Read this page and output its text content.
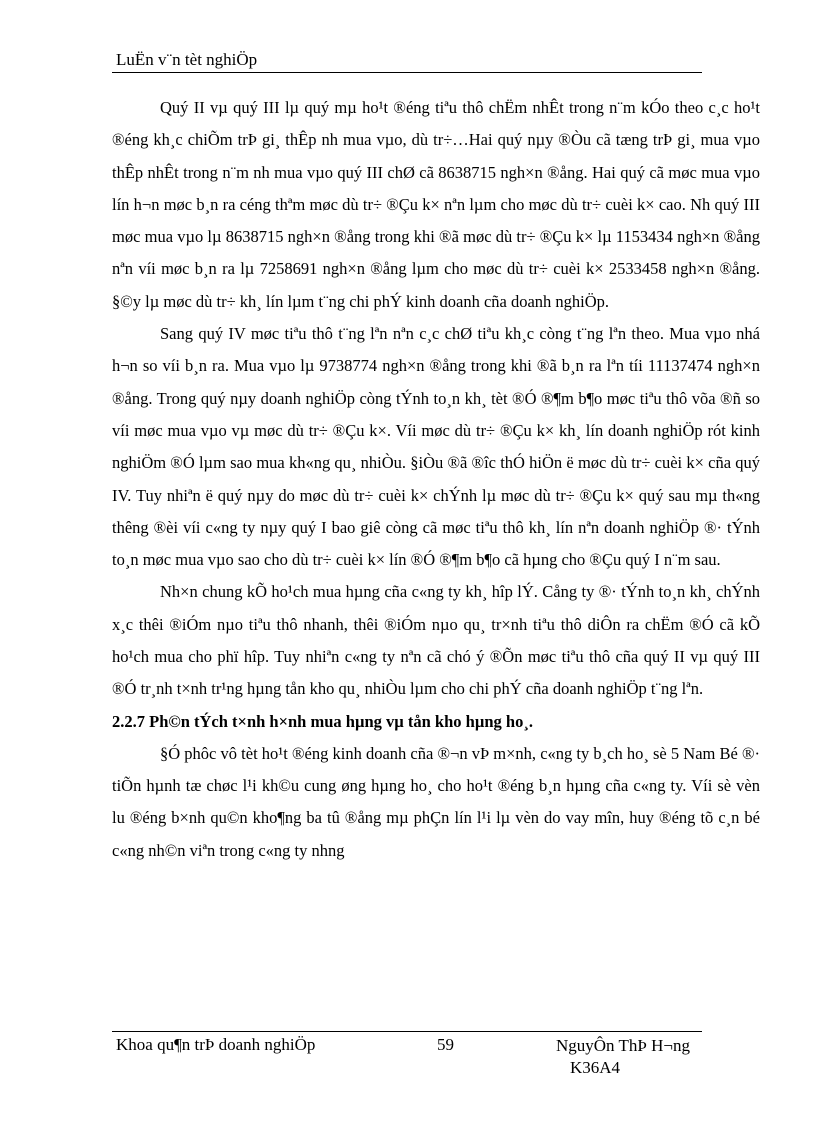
LuËn v¨n tèt nghiÖp

Quý II vµ quý III lµ quý mµ ho¹t ®éng tiªu thô chËm nhÊt trong n¨m kÓo theo c¸c ho¹t ®éng kh¸c chiÕm trÞ gi¸ thÊp nh mua vµo, dù tr÷…Hai quý nµy ®Òu cã tæng trÞ gi¸ mua vµo thÊp nhÊt trong n¨m nh mua vµo quý III chØ cã 8638715 ngh×n ®ång. Hai quý cã møc mua vµo lín h¬n møc b¸n ra céng thªm møc dù tr÷ ®Çu k× nªn lµm cho møc dù tr÷ cuèi k× cao. Nh quý III møc mua vµo lµ 8638715 ngh×n ®ång trong khi ®ã møc dù tr÷ ®Çu k× lµ 1153434 ngh×n ®ång nªn víi møc b¸n ra lµ 7258691 ngh×n ®ång lµm cho møc dù tr÷ cuèi k× 2533458 ngh×n ®ång. §©y lµ møc dù tr÷ kh¸ lín lµm t¨ng chi phÝ kinh doanh cña doanh nghiÖp.

Sang quý IV møc tiªu thô t¨ng lªn nªn c¸c chØ tiªu kh¸c còng t¨ng lªn theo. Mua vµo nhá h¬n so víi b¸n ra. Mua vµo lµ 9738774 ngh×n ®ång trong khi ®ã b¸n ra lªn tíi 11137474 ngh×n ®ång. Trong quý nµy doanh nghiÖp còng tÝnh to¸n kh¸ tèt ®Ó ®¶m b¶o møc tiªu thô võa ®ñ so víi møc mua vµo vµ møc dù tr÷ ®Çu k×. Víi møc dù tr÷ ®Çu k× kh¸ lín doanh nghiÖp rót kinh nghiÖm ®Ó lµm sao mua kh«ng qu¸ nhiÒu. §iÒu ®ã ®îc thÓ hiÖn ë møc dù tr÷ cuèi k× cña quý IV. Tuy nhiªn ë quý nµy do møc dù tr÷ cuèi k× chÝnh lµ møc dù tr÷ ®Çu k× quý sau mµ th«ng thêng ®èi víi c«ng ty nµy quý I bao giê còng cã møc tiªu thô kh¸ lín nªn doanh nghiÖp ®· tÝnh to¸n møc mua vµo sao cho dù tr÷ cuèi k× lín ®Ó ®¶m b¶o cã hµng cho ®Çu quý I n¨m sau.

Nh×n chung kÕ ho¹ch mua hµng cña c«ng ty kh¸ hîp lÝ. Cång ty ®· tÝnh to¸n kh¸ chÝnh x¸c thêi ®iÓm nµo tiªu thô nhanh, thêi ®iÓm nµo qu¸ tr×nh tiªu thô diÔn ra chËm ®Ó cã kÕ ho¹ch mua cho phï hîp. Tuy nhiªn c«ng ty nªn cã chó ý ®Õn møc tiªu thô cña quý II vµ quý III ®Ó tr¸nh t×nh tr¹ng hµng tån kho qu¸ nhiÒu lµm cho chi phÝ cña doanh nghiÖp t¨ng lªn.

2.2.7 Ph©n tÝch t×nh h×nh mua hµng vµ tån kho hµng ho¸.

§Ó phôc vô tèt ho¹t ®éng kinh doanh cña ®¬n vÞ m×nh, c«ng ty b¸ch ho¸ sè 5 Nam Bé ®· tiÕn hµnh tæ chøc l¹i kh©u cung øng hµng ho¸ cho ho¹t ®éng b¸n hµng cña c«ng ty. Víi sè vèn lu ®éng b×nh qu©n kho¶ng ba tû ®ång mµ phÇn lín l¹i lµ vèn do vay mîn, huy ®éng tõ c¸n bé c«ng nh©n viªn trong c«ng ty nhng

Khoa qu¶n trÞ doanh nghiÖp	59	NguyÔn ThÞ H¬ng
K36A4
